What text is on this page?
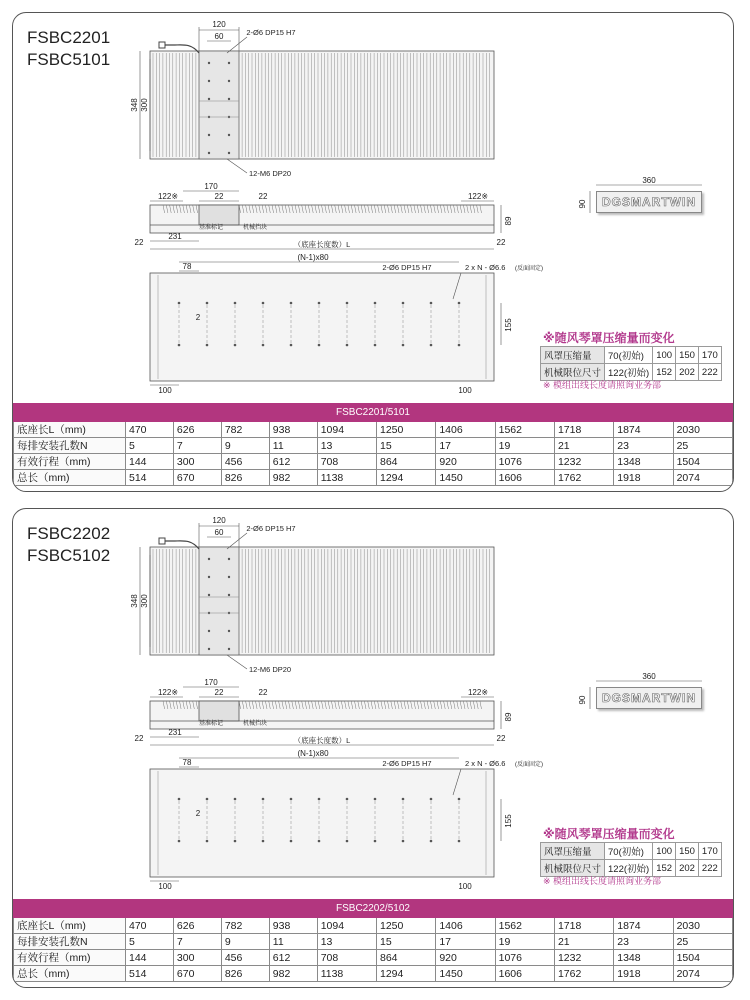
FSBC2201
FSBC5101
120
60	2-Ø6 DP15 H7
348 300
12-M6 DP20
170
122※	22	22	122※
89
22
231
22
基准标记	机械挡块
（底座长度数）L
(N-1)x80
78	2-Ø6 DP15 H7	2 x N - Ø6.6 (反面固定)
2
155
100	100
360
90	DGSMARTWIN
※随风琴罩压缩量而变化
风罩压缩量	70(初始)	100	150	170
机械限位尺寸	122(初始)	152	202	222
※ 模组出线长度请照询业务部
FSBC2201/5101											
底座长L（mm)	470	626	782	938	1094	1250	1406	1562	1718	1874	2030
每排安装孔数N	5	7	9	11	13	15	17	19	21	23	25
有效行程（mm)	144	300	456	612	708	864	920	1076	1232	1348	1504
总长（mm)	514	670	826	982	1138	1294	1450	1606	1762	1918	2074
FSBC2202
FSBC5102
120
60	2-Ø6 DP15 H7
348 300
12-M6 DP20
170
122※	22	22	122※
89
22
231
22
基准标记	机械挡块
（底座长度数）L
(N-1)x80
78	2-Ø6 DP15 H7	2 x N - Ø6.6 (反面固定)
2
155
100	100
360
90	DGSMARTWIN
※随风琴罩压缩量而变化
风罩压缩量	70(初始)	100	150	170
机械限位尺寸	122(初始)	152	202	222
※ 模组出线长度请照询业务部
FSBC2202/5102											
底座长L（mm)	470	626	782	938	1094	1250	1406	1562	1718	1874	2030
每排安装孔数N	5	7	9	11	13	15	17	19	21	23	25
有效行程（mm)	144	300	456	612	708	864	920	1076	1232	1348	1504
总长（mm)	514	670	826	982	1138	1294	1450	1606	1762	1918	2074
